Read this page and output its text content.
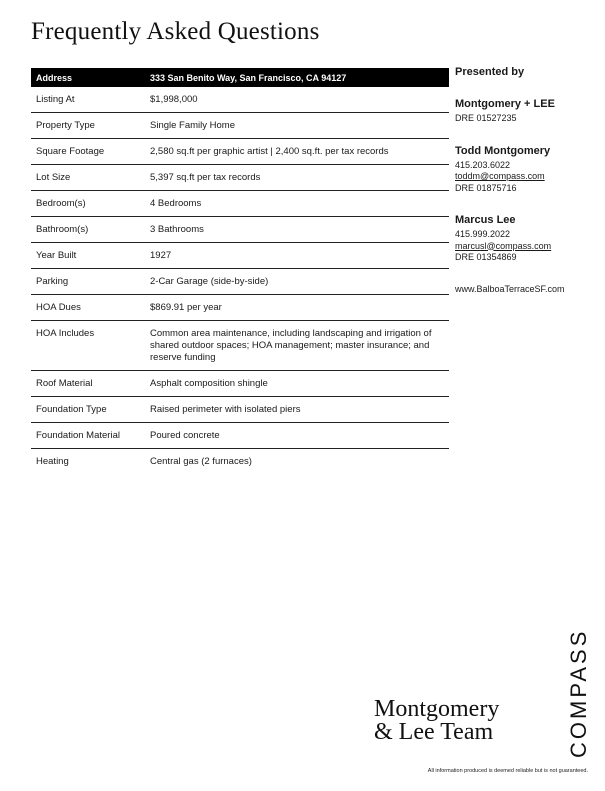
Frequently Asked Questions
Address	333 San Benito Way, San Francisco, CA 94127
Listing At	$1,998,000
Property Type	Single Family Home
Square Footage	2,580 sq.ft per graphic artist | 2,400 sq.ft. per tax records
Lot Size	5,397 sq.ft per tax records
Bedroom(s)	4 Bedrooms
Bathroom(s)	3 Bathrooms
Year Built	1927
Parking	2-Car Garage (side-by-side)
HOA Dues	$869.91 per year
HOA Includes	Common area maintenance, including landscaping and irrigation of shared outdoor spaces; HOA management; master insurance; and reserve funding
Roof Material	Asphalt composition shingle
Foundation Type	Raised perimeter with isolated piers
Foundation Material	Poured concrete
Heating	Central gas (2 furnaces)
Presented by
Montgomery + LEE
DRE 01527235
Todd Montgomery
415.203.6022
toddm@compass.com
DRE 01875716
Marcus Lee
415.999.2022
marcusl@compass.com
DRE 01354869
www.BalboaTerraceSF.com
Montgomery
& Lee Team	COMPASS
All information produced is deemed reliable but is not guaranteed.
